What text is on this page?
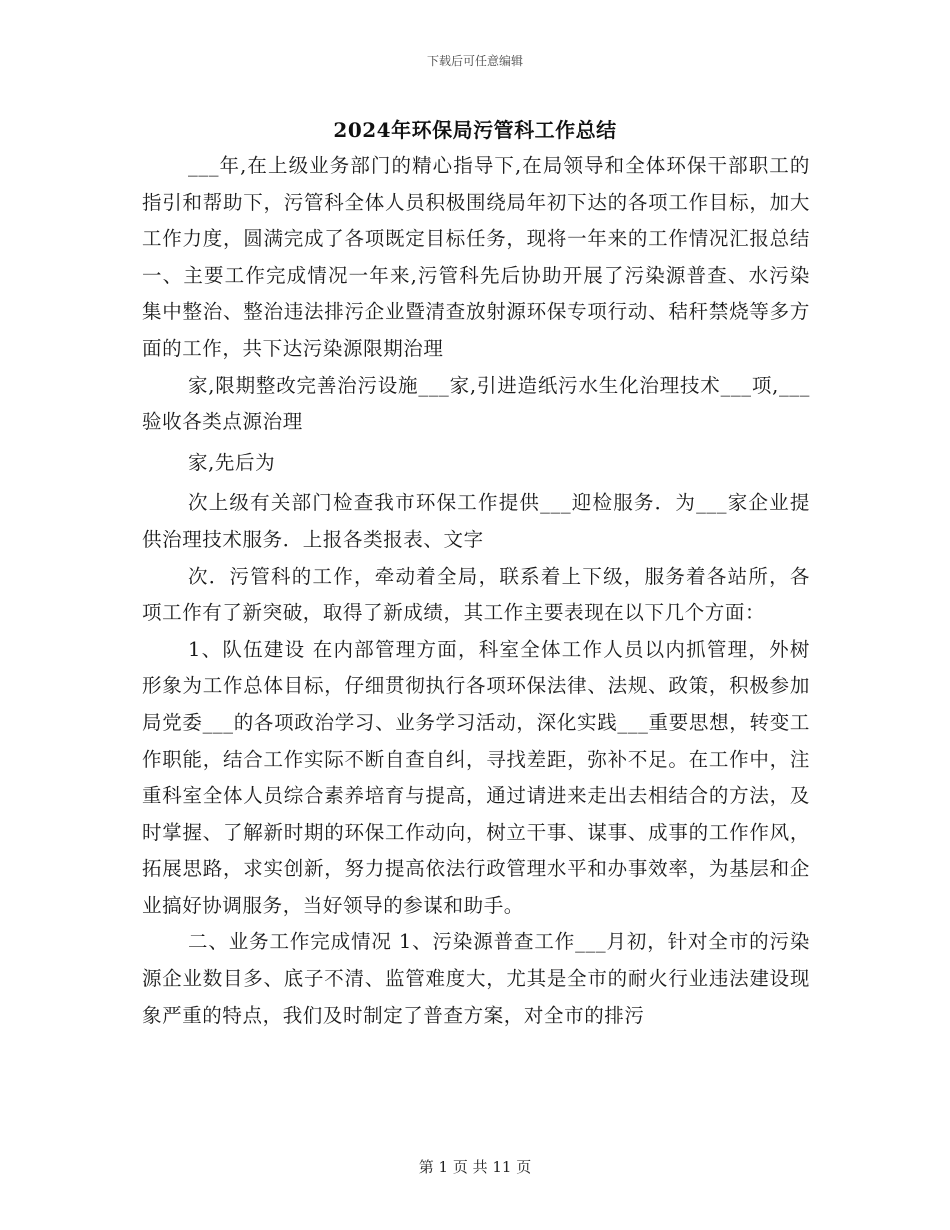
下载后可任意编辑
2024年环保局污管科工作总结

___年,在上级业务部门的精心指导下,在局领导和全体环保干部职工的指引和帮助下，污管科全体人员积极围绕局年初下达的各项工作目标，加大工作力度，圆满完成了各项既定目标任务，现将一年来的工作情况汇报总结一、主要工作完成情况一年来,污管科先后协助开展了污染源普查、水污染集中整治、整治违法排污企业暨清查放射源环保专项行动、秸秆禁烧等多方面的工作，共下达污染源限期治理

家,限期整改完善治污设施___家,引进造纸污水生化治理技术___项,___验收各类点源治理

家,先后为

次上级有关部门检查我市环保工作提供___迎检服务．为___家企业提供治理技术服务．上报各类报表、文字

次．污管科的工作，牵动着全局，联系着上下级，服务着各站所，各项工作有了新突破，取得了新成绩，其工作主要表现在以下几个方面：

1、队伍建设 在内部管理方面，科室全体工作人员以内抓管理，外树形象为工作总体目标，仔细贯彻执行各项环保法律、法规、政策，积极参加局党委___的各项政治学习、业务学习活动，深化实践___重要思想，转变工作职能，结合工作实际不断自查自纠，寻找差距，弥补不足。在工作中，注重科室全体人员综合素养培育与提高，通过请进来走出去相结合的方法，及时掌握、了解新时期的环保工作动向，树立干事、谋事、成事的工作作风，拓展思路，求实创新，努力提高依法行政管理水平和办事效率，为基层和企业搞好协调服务，当好领导的参谋和助手。

二、业务工作完成情况 1、污染源普查工作___月初，针对全市的污染源企业数目多、底子不清、监管难度大，尤其是全市的耐火行业违法建设现象严重的特点，我们及时制定了普查方案，对全市的排污

第 1 页 共 11 页
